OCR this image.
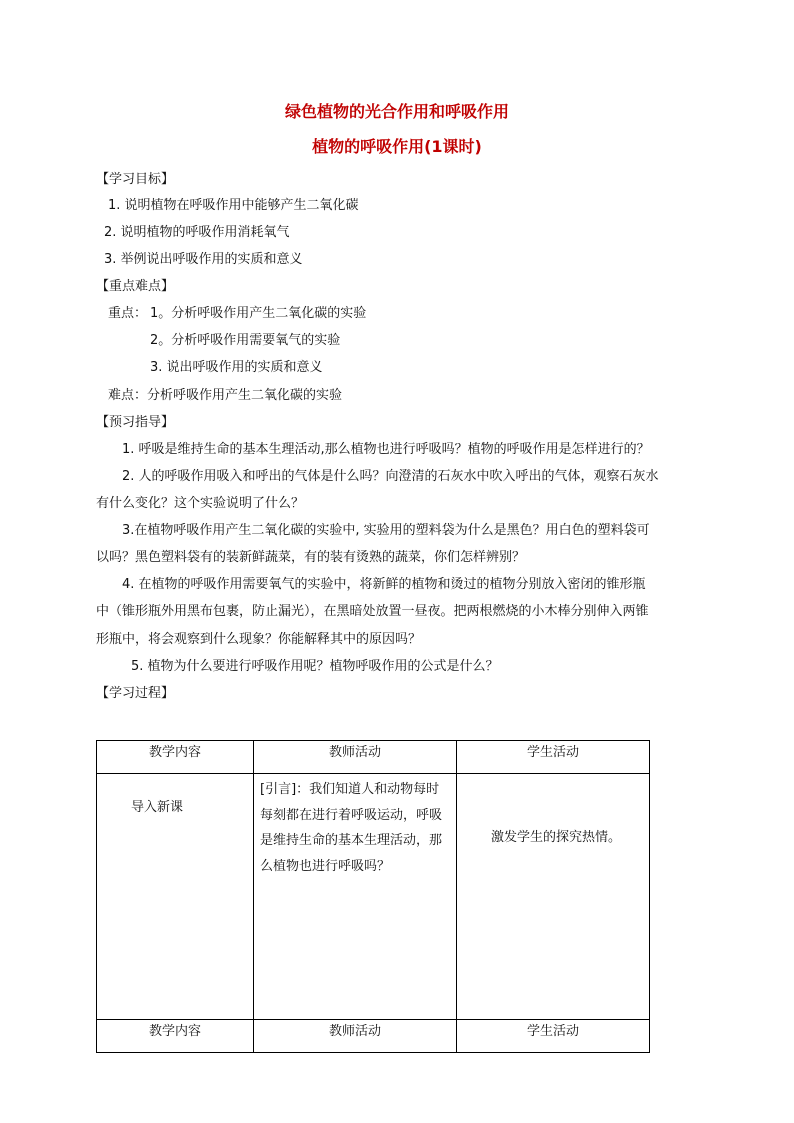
绿色植物的光合作用和呼吸作用
植物的呼吸作用(1课时)
【学习目标】
1. 说明植物在呼吸作用中能够产生二氧化碳
2. 说明植物的呼吸作用消耗氧气
3. 举例说出呼吸作用的实质和意义
【重点难点】
重点： 1。分析呼吸作用产生二氧化碳的实验
2。分析呼吸作用需要氧气的实验
3. 说出呼吸作用的实质和意义
难点：分析呼吸作用产生二氧化碳的实验
【预习指导】
1. 呼吸是维持生命的基本生理活动,那么植物也进行呼吸吗？植物的呼吸作用是怎样进行的？
2. 人的呼吸作用吸入和呼出的气体是什么吗？向澄清的石灰水中吹入呼出的气体，观察石灰水
有什么变化？这个实验说明了什么？
3.在植物呼吸作用产生二氧化碳的实验中, 实验用的塑料袋为什么是黑色？用白色的塑料袋可
以吗？黑色塑料袋有的装新鲜蔬菜，有的装有烫熟的蔬菜，你们怎样辨别？
4. 在植物的呼吸作用需要氧气的实验中，将新鲜的植物和烫过的植物分别放入密闭的锥形瓶
中（锥形瓶外用黑布包裹，防止漏光），在黑暗处放置一昼夜。把两根燃烧的小木棒分别伸入两锥
形瓶中，将会观察到什么现象？你能解释其中的原因吗？
5. 植物为什么要进行呼吸作用呢？植物呼吸作用的公式是什么？
【学习过程】
教学内容	教师活动	学生活动
导入新课	[引言]：我们知道人和动物每时每刻都在进行着呼吸运动，呼吸是维持生命的基本生理活动，那么植物也进行呼吸吗？	激发学生的探究热情。
教学内容	教师活动	学生活动
